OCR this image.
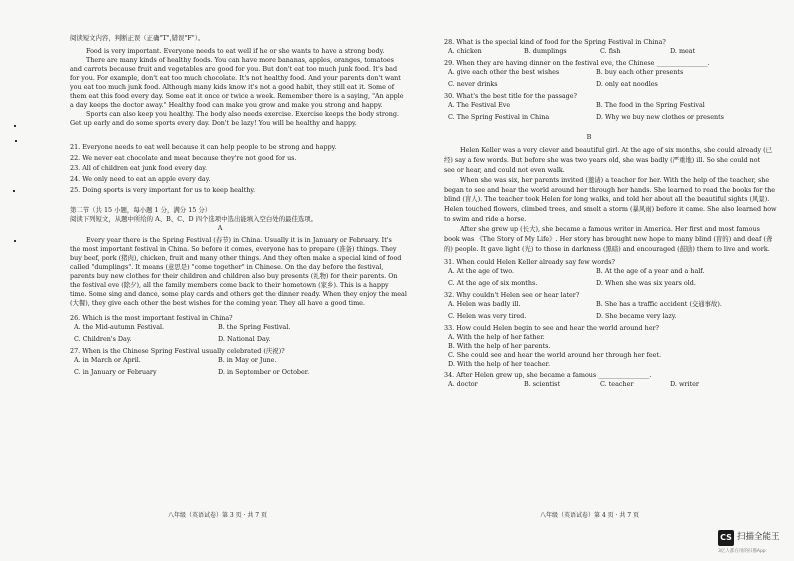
阅读短文内容，判断正误（正确"T",错误"F"）。
Food is very important. Everyone needs to eat well if he or she wants to have a strong body.
There are many kinds of healthy foods. You can have more bananas, apples, oranges, tomatoes
and carrots because fruit and vegetables are good for you. But don't eat too much junk food. It's bad
for you. For example, don't eat too much chocolate. It's not healthy food. And your parents don't want
you eat too much junk food. Although many kids know it's not a good habit, they still eat it. Some of
them eat this food every day. Some eat it once or twice a week. Remember there is a saying, "An apple
a day keeps the doctor away." Healthy food can make you grow and make you strong and happy.
Sports can also keep you healthy. The body also needs exercise. Exercise keeps the body strong.
Get up early and do some sports every day. Don't be lazy! You will be healthy and happy.
21. Everyone needs to eat well because it can help people to be strong and happy.
22. We never eat chocolate and meat because they're not good for us.
23. All of children eat junk food every day.
24. We only need to eat an apple every day.
25. Doing sports is very important for us to keep healthy.
第二节（共 15 小题，每小题 1 分，满分 15 分）
阅读下列短文，从题中所给的 A、B、C、D 四个选项中选出能填入空白处的最佳选项。
A
Every year there is the Spring Festival (春节) in China. Usually it is in January or February. It's
the most important festival in China. So before it comes, everyone has to prepare (准备) things. They
buy beef, pork (猪肉), chicken, fruit and many other things. And they often make a special kind of food
called "dumplings". It means (意思是) "come together" in Chinese. On the day before the festival,
parents buy new clothes for their children and children also buy presents (礼物) for their parents. On
the festival eve (除夕), all the family members come back to their hometown (家乡). This is a happy
time. Some sing and dance, some play cards and others get the dinner ready. When they enjoy the meal
(大餐), they give each other the best wishes for the coming year. They all have a good time.
26. Which is the most important festival in China?
A. the Mid-autumn Festival.	B. the Spring Festival.
C. Children's Day.	D. National Day.
27. When is the Chinese Spring Festival usually celebrated (庆祝)?
A. in March or April.	B. in May or June.
C. in January or February	D. in September or October.
八年级（英语试卷）第 3 页 · 共 7 页
28. What is the special kind of food for the Spring Festival in China?
A. chicken	B. dumplings	C. fish	D. meat
29. When they are having dinner on the festival eve, the Chinese ________________.
A. give each other the best wishes	B. buy each other presents
C. never drinks	D. only eat noodles
30. What's the best title for the passage?
A. The Festival Eve	B. The food in the Spring Festival
C. The Spring Festival in China	D. Why we buy new clothes or presents
B
Helen Keller was a very clever and beautiful girl. At the age of six months, she could already (已
经) say a few words. But before she was two years old, she was badly (严重地) ill. So she could not
see or hear, and could not even walk.
When she was six, her parents invited (邀请) a teacher for her. With the help of the teacher, she
began to see and hear the world around her through her hands. She learned to read the books for the
blind (盲人). The teacher took Helen for long walks, and told her about all the beautiful sights (风景).
Helen touched flowers, climbed trees, and smelt a storm (暴风雨) before it came. She also learned how
to swim and ride a horse.
After she grew up (长大), she became a famous writer in America. Her first and most famous
book was 《The Story of My Life》. Her story has brought new hope to many blind (盲的) and deaf (聋
的) people. It gave light (光) to those in darkness (黑暗) and encouraged (鼓励) them to live and work.
31. When could Helen Keller already say few words?
A. At the age of two.	B. At the age of a year and a half.
C. At the age of six months.	D. When she was six years old.
32. Why couldn't Helen see or hear later?
A. Helen was badly ill.	B. She has a traffic accident (交通事故).
C. Helen was very tired.	D. She became very lazy.
33. How could Helen begin to see and hear the world around her?
A. With the help of her father.
B. With the help of her parents.
C. She could see and hear the world around her through her feet.
D. With the help of her teacher.
34. After Helen grew up, she became a famous ________________.
A. doctor	B. scientist	C. teacher	D. writer
八年级（英语试卷）第 4 页 · 共 7 页
CS 扫描全能王
3亿人都在用的扫描App
